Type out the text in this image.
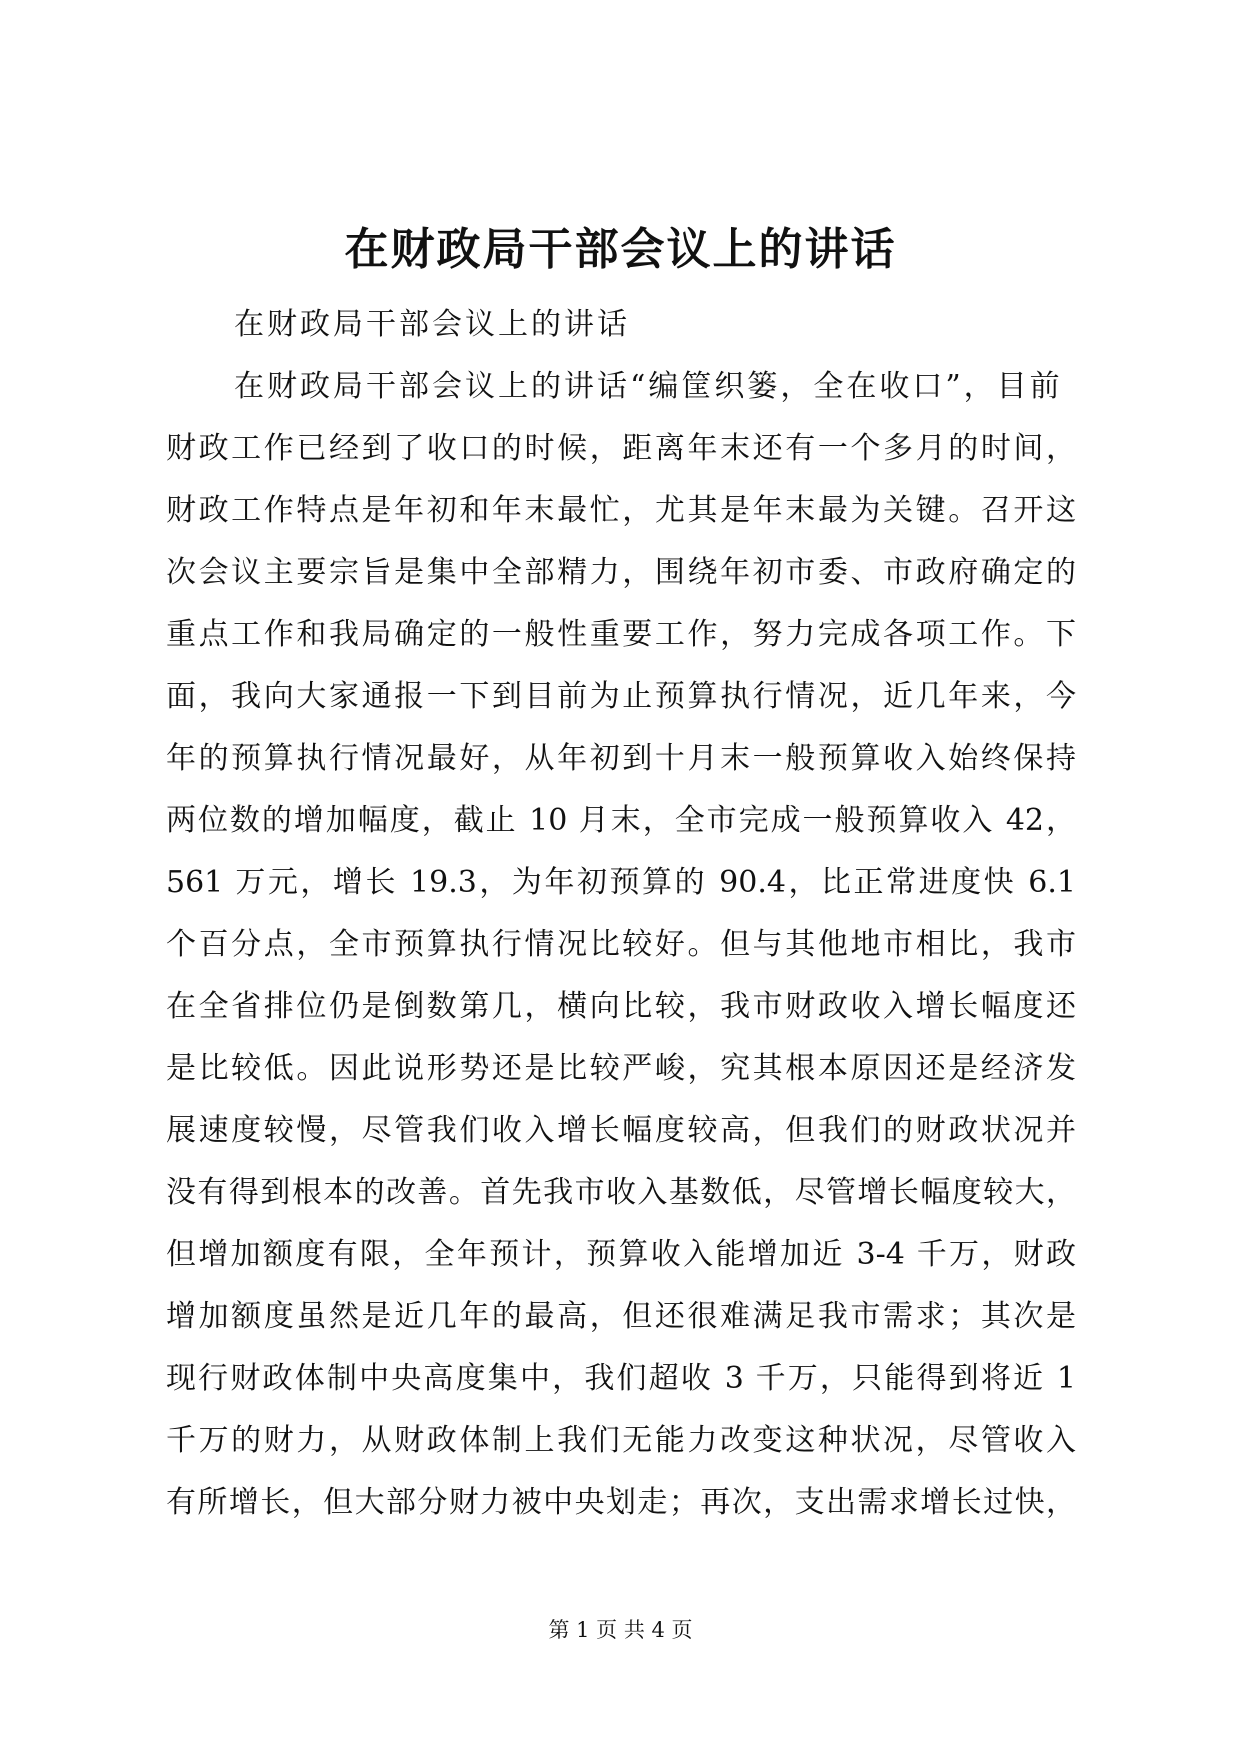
在财政局干部会议上的讲话
在财政局干部会议上的讲话
在财政局干部会议上的讲话“编筐织篓，全在收口”，目前
财政工作已经到了收口的时候，距离年末还有一个多月的时间，
财政工作特点是年初和年末最忙，尤其是年末最为关键。召开这
次会议主要宗旨是集中全部精力，围绕年初市委、市政府确定的
重点工作和我局确定的一般性重要工作，努力完成各项工作。下
面，我向大家通报一下到目前为止预算执行情况，近几年来，今
年的预算执行情况最好，从年初到十月末一般预算收入始终保持
两位数的增加幅度，截止 10 月末，全市完成一般预算收入 42，
561 万元，增长 19.3，为年初预算的 90.4，比正常进度快 6.1
个百分点，全市预算执行情况比较好。但与其他地市相比，我市
在全省排位仍是倒数第几，横向比较，我市财政收入增长幅度还
是比较低。因此说形势还是比较严峻，究其根本原因还是经济发
展速度较慢，尽管我们收入增长幅度较高，但我们的财政状况并
没有得到根本的改善。首先我市收入基数低，尽管增长幅度较大，
但增加额度有限，全年预计，预算收入能增加近 3-4 千万，财政
增加额度虽然是近几年的最高，但还很难满足我市需求；其次是
现行财政体制中央高度集中，我们超收 3 千万，只能得到将近 1
千万的财力，从财政体制上我们无能力改变这种状况，尽管收入
有所增长，但大部分财力被中央划走；再次，支出需求增长过快，
第 1 页 共 4 页
